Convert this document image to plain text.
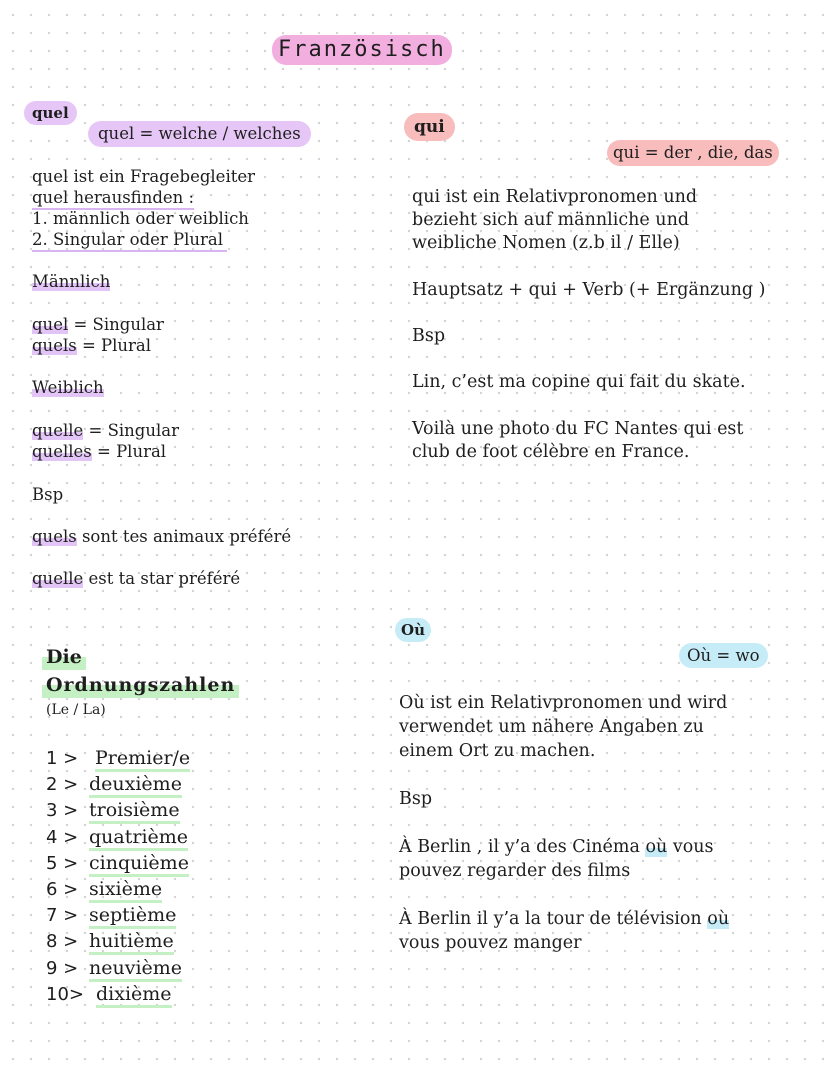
Französisch
quel
quel = welche / welches
quel ist ein Fragebegleiter
quel herausfinden :
1. männlich oder weiblich
2. Singular oder Plural
Männlich
quel = Singular
quels = Plural
Weiblich
quelle = Singular
quelles = Plural
Bsp
quels sont tes animaux préféré
quelle est ta star préféré
qui
qui = der , die, das
qui ist ein Relativpronomen und
bezieht sich auf männliche und
weibliche Nomen (z.b il / Elle)
Hauptsatz + qui + Verb (+ Ergänzung )
Bsp
Lin, c’est ma copine qui fait du skate.
Voilà une photo du FC Nantes qui est
club de foot célèbre en France.
Die
Ordnungszahlen
(Le / La)
1 > Premier/e
2 > deuxième
3 > troisième
4 > quatrième
5 > cinquième
6 > sixième
7 > septième
8 > huitième
9 > neuvième
10> dixième
Où
Où = wo
Où ist ein Relativpronomen und wird
verwendet um nähere Angaben zu
einem Ort zu machen.
Bsp
À Berlin , il y’a des Cinéma où vous
pouvez regarder des films
À Berlin il y’a la tour de télévision où
vous pouvez manger
